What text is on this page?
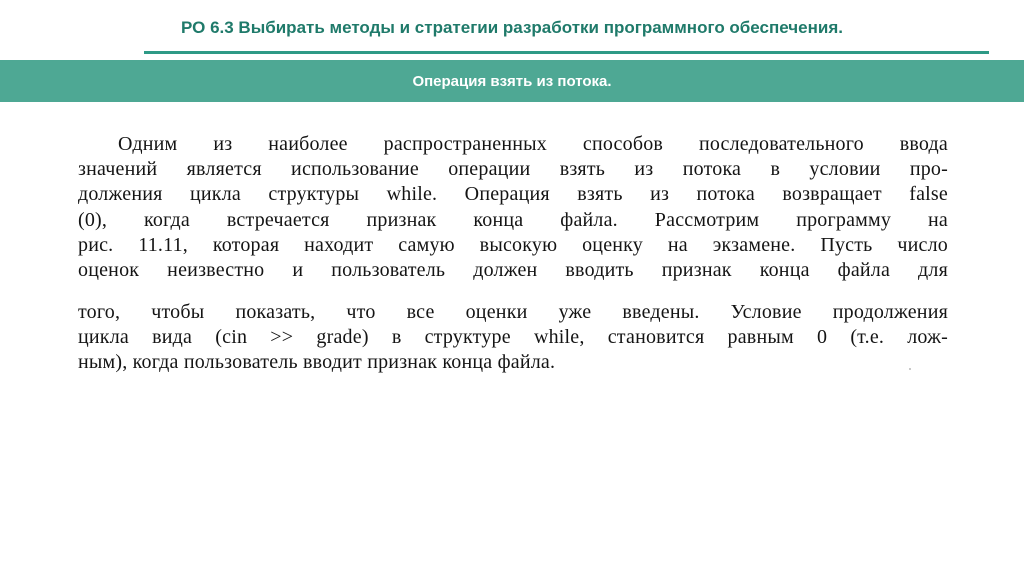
РО 6.3 Выбирать методы и стратегии разработки программного обеспечения.
Операция взять из потока.
Одним из наиболее распространенных способов последовательного ввода
значений является использование операции взять из потока в условии про-
должения цикла структуры while. Операция взять из потока возвращает false
(0), когда встречается признак конца файла. Рассмотрим программу на
рис. 11.11, которая находит самую высокую оценку на экзамене. Пусть число
оценок неизвестно и пользователь должен вводить признак конца файла для
того, чтобы показать, что все оценки уже введены. Условие продолжения
цикла вида (cin >> grade) в структуре while, становится равным 0 (т.е. лож-
ным), когда пользователь вводит признак конца файла.
